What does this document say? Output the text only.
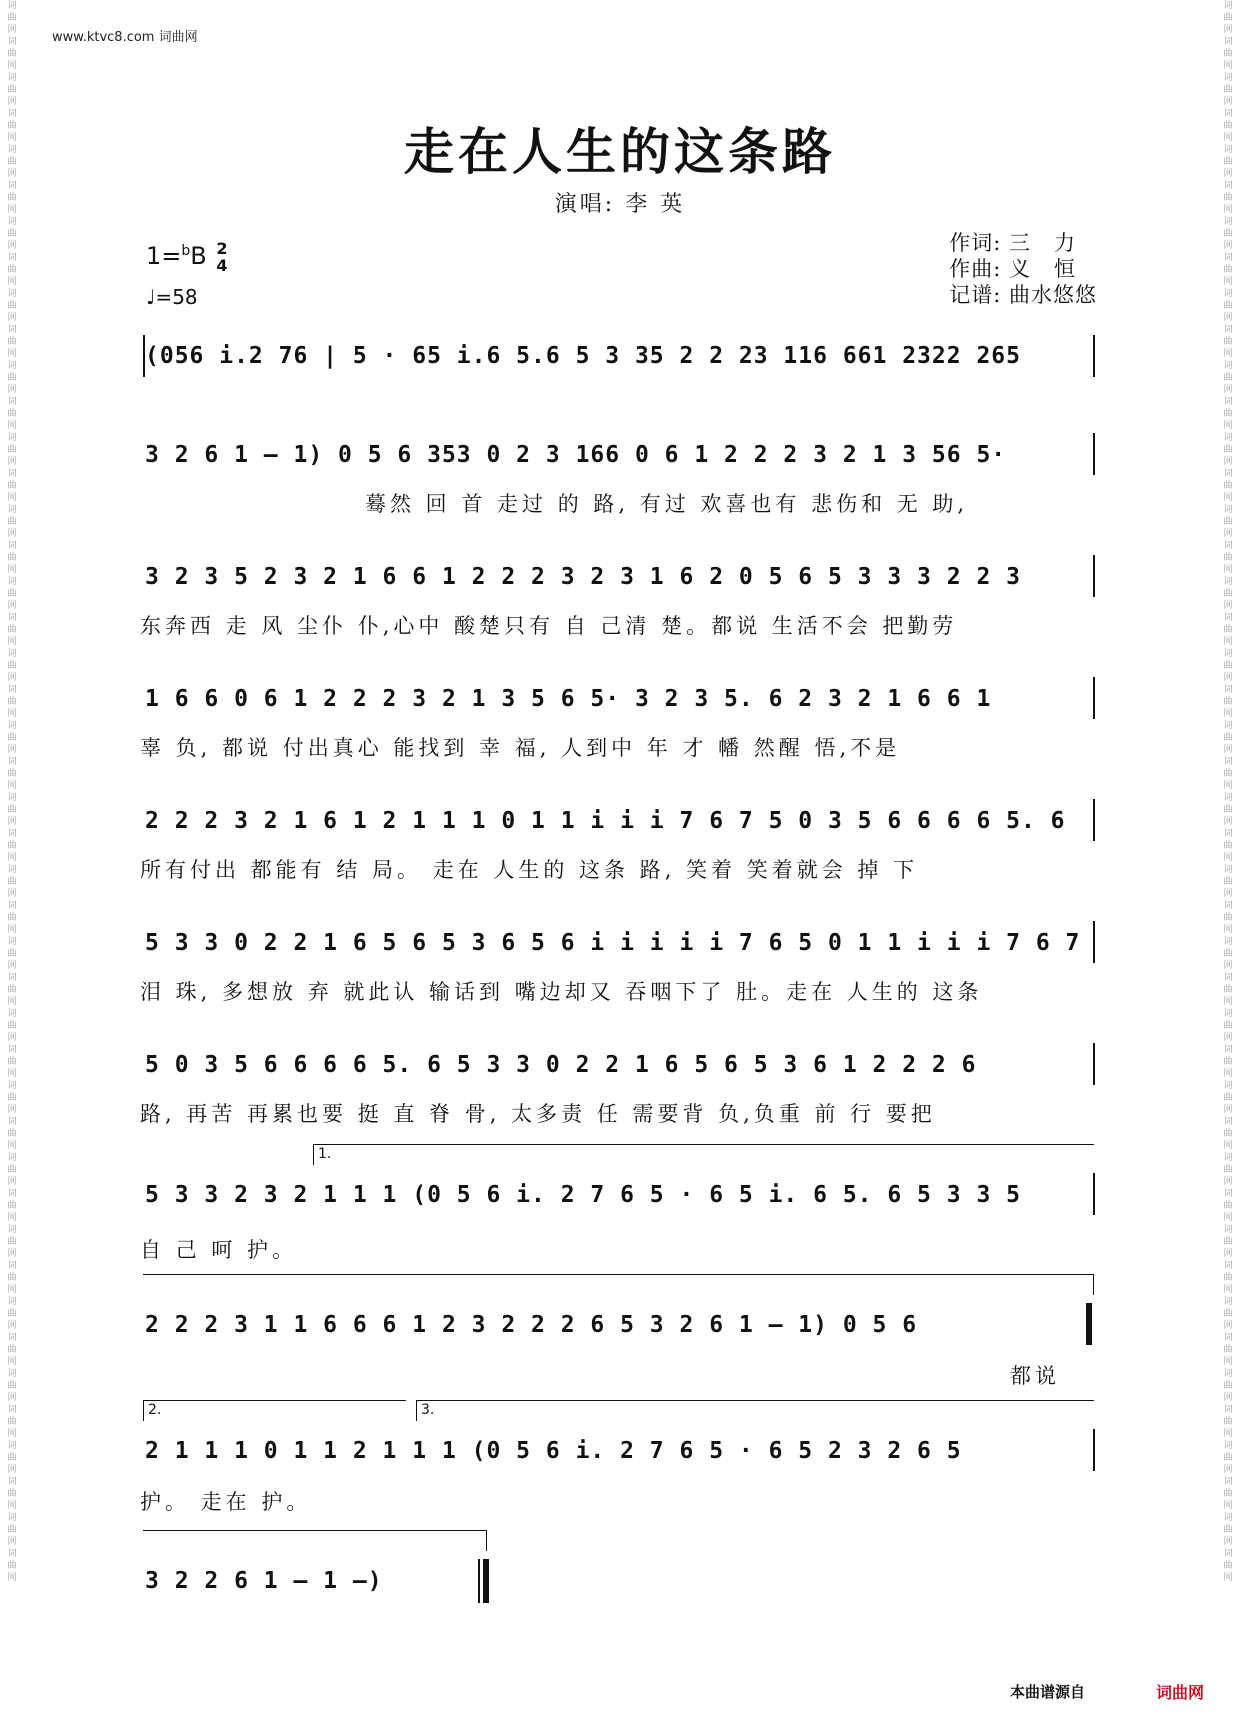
词曲网词曲网词曲网词曲网词曲网词曲网词曲网词曲网词曲网词曲网词曲网词曲网词曲网词曲网词曲网词曲网词曲网词曲网词曲网词曲网词曲网词曲网词曲网词曲网词曲网词曲网词曲网词曲网词曲网词曲网词曲网词曲网词曲网词曲网词曲网词曲网词曲网词曲网词曲网词曲网词曲网词曲网词曲网词曲网
词曲网词曲网词曲网词曲网词曲网词曲网词曲网词曲网词曲网词曲网词曲网词曲网词曲网词曲网词曲网词曲网词曲网词曲网词曲网词曲网词曲网词曲网词曲网词曲网词曲网词曲网词曲网词曲网词曲网词曲网词曲网词曲网词曲网词曲网词曲网词曲网词曲网词曲网词曲网词曲网词曲网词曲网词曲网词曲网
www.ktvc8.com 词曲网
走在人生的这条路
演唱: 李 英
1=$^b$B 2
4
♩=58
作词: 三   力
作曲: 义   恒
记谱: 曲水悠悠
(056 i.2 76 | 5 · 65 i.6 5.6 5 3 35 2 2 23 116 661 2322 265
3 2 6 1 – 1) 0 5 6 353 0 2 3 166 0 6 1 2 2 2 3 2 1 3 56 5·
蓦然 回 首 走过 的 路, 有过 欢喜也有 悲伤和 无 助,
3 2 3 5 2 3 2 1 6 6 1 2 2 2 3 2 3 1 6 2 0 5 6 5 3 3 3 2 2 3
东奔西 走 风 尘仆 仆,心中 酸楚只有 自 己清 楚。都说 生活不会 把勤劳
1 6 6 0 6 1 2 2 2 3 2 1 3 5 6 5· 3 2 3 5. 6 2 3 2 1 6 6 1
辜 负, 都说 付出真心 能找到 幸 福, 人到中 年 才 幡 然醒 悟,不是
2 2 2 3 2 1 6 1 2 1 1 1 0 1 1 i i i 7 6 7 5 0 3 5 6 6 6 6 5. 6
所有付出 都能有 结 局。 走在 人生的 这条 路, 笑着 笑着就会 掉 下
5 3 3 0 2 2 1 6 5 6 5 3 6 5 6 i i i i i 7 6 5 0 1 1 i i i 7 6 7
泪 珠, 多想放 弃 就此认 输话到 嘴边却又 吞咽下了 肚。走在 人生的 这条
5 0 3 5 6 6 6 6 5. 6 5 3 3 0 2 2 1 6 5 6 5 3 6 1 2 2 2 6
路, 再苦 再累也要 挺 直 脊 骨, 太多责 任 需要背 负,负重 前 行 要把
1.
5 3 3 2 3 2 1 1 1 (0 5 6 i. 2 7 6 5 · 6 5 i. 6 5. 6 5 3 3 5
自 己 呵 护。
2 2 2 3 1 1 6 6 6 1 2 3 2 2 2 6 5 3 2 6 1 – 1) 0 5 6
都说
2.	3.
2 1 1 1 0 1 1 2 1 1 1 (0 5 6 i. 2 7 6 5 · 6 5 2 3 2 6 5
护。 走在 护。
3 2 2 6 1 – 1 –)
本曲谱源自	词曲网
